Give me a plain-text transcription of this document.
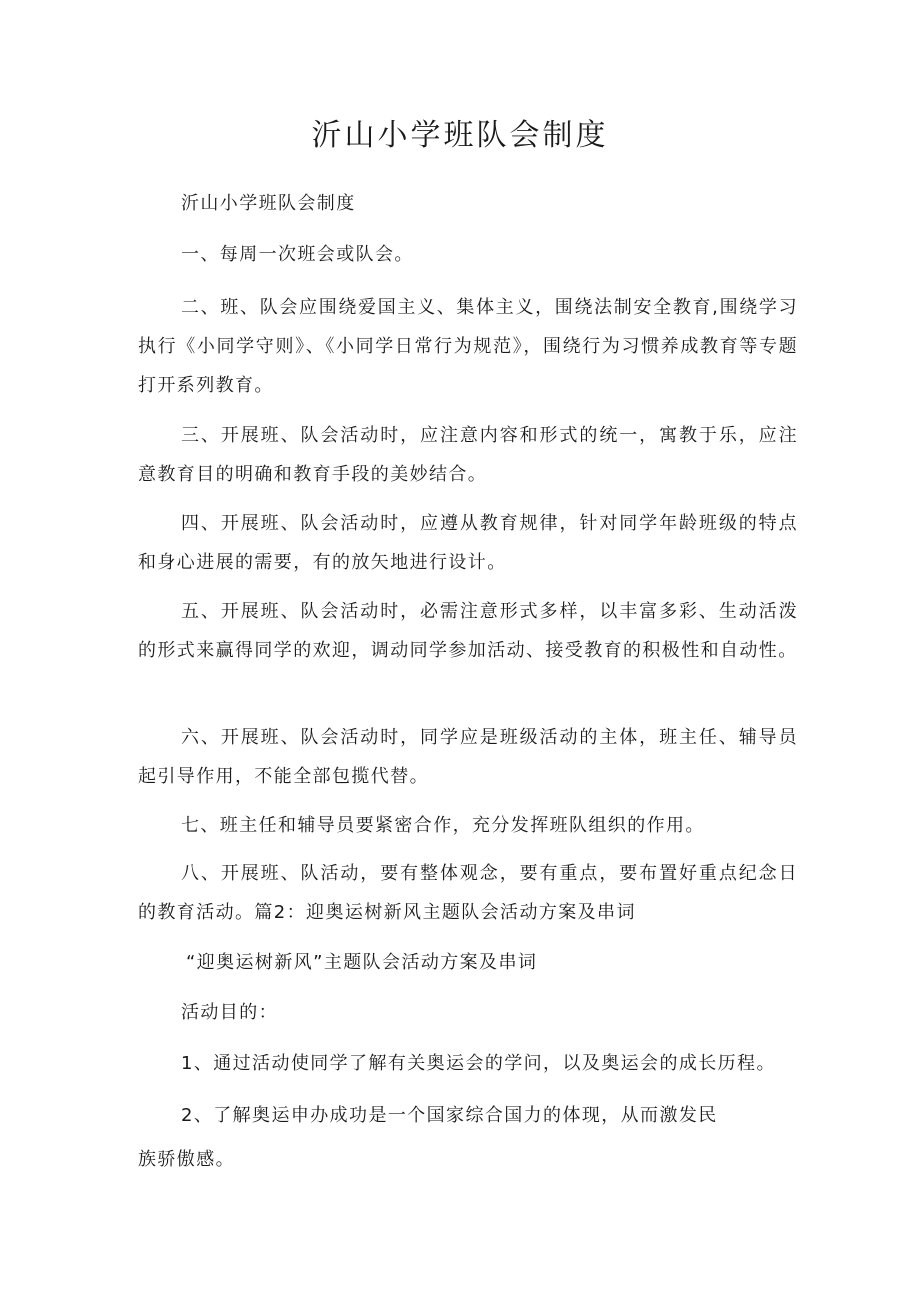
沂山小学班队会制度
沂山小学班队会制度
一、每周一次班会或队会。

二、班、队会应围绕爱国主义、集体主义，围绕法制安全教育,围绕学习执行《小同学守则》、《小同学日常行为规范》，围绕行为习惯养成教育等专题打开系列教育。

三、开展班、队会活动时，应注意内容和形式的统一，寓教于乐，应注意教育目的明确和教育手段的美妙结合。

四、开展班、队会活动时，应遵从教育规律，针对同学年龄班级的特点和身心进展的需要，有的放矢地进行设计。

五、开展班、队会活动时，必需注意形式多样，以丰富多彩、生动活泼的形式来赢得同学的欢迎，调动同学参加活动、接受教育的积极性和自动性。

六、开展班、队会活动时，同学应是班级活动的主体，班主任、辅导员起引导作用，不能全部包揽代替。

七、班主任和辅导员要紧密合作，充分发挥班队组织的作用。

八、开展班、队活动，要有整体观念，要有重点，要布置好重点纪念日的教育活动。篇2：迎奥运树新风主题队会活动方案及串词

“迎奥运树新风”主题队会活动方案及串词
活动目的：
1、通过活动使同学了解有关奥运会的学问，以及奥运会的成长历程。
2、了解奥运申办成功是一个国家综合国力的体现，从而激发民
族骄傲感。
